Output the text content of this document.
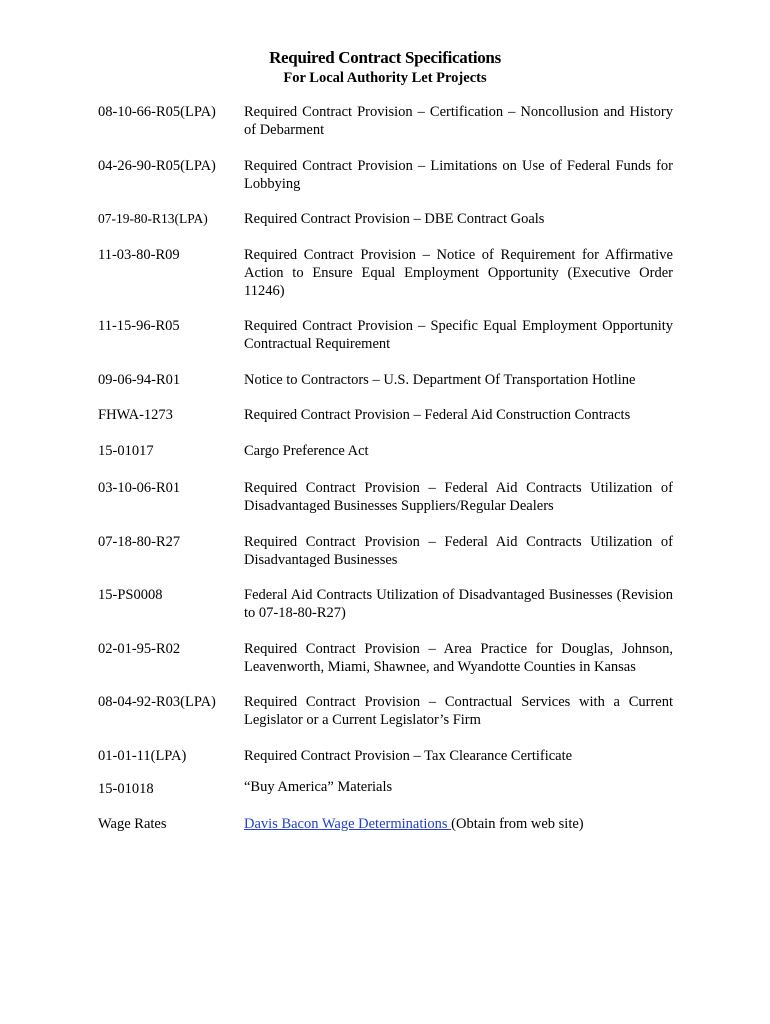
Required Contract Specifications
For Local Authority Let Projects
08-10-66-R05(LPA)	Required Contract Provision – Certification – Noncollusion and History of Debarment
04-26-90-R05(LPA)	Required Contract Provision – Limitations on Use of Federal Funds for Lobbying
07-19-80-R13(LPA)	Required Contract Provision – DBE Contract Goals
11-03-80-R09	Required Contract Provision – Notice of Requirement for Affirmative Action to Ensure Equal Employment Opportunity (Executive Order 11246)
11-15-96-R05	Required Contract Provision – Specific Equal Employment Opportunity Contractual Requirement
09-06-94-R01	Notice to Contractors – U.S. Department Of Transportation Hotline
FHWA-1273	Required Contract Provision – Federal Aid Construction Contracts
15-01017	Cargo Preference Act
03-10-06-R01	Required Contract Provision – Federal Aid Contracts Utilization of Disadvantaged Businesses Suppliers/Regular Dealers
07-18-80-R27	Required Contract Provision – Federal Aid Contracts Utilization of Disadvantaged Businesses
15-PS0008	Federal Aid Contracts Utilization of Disadvantaged Businesses (Revision to 07-18-80-R27)
02-01-95-R02	Required Contract Provision – Area Practice for Douglas, Johnson, Leavenworth, Miami, Shawnee, and Wyandotte Counties in Kansas
08-04-92-R03(LPA)	Required Contract Provision – Contractual Services with a Current Legislator or a Current Legislator’s Firm
01-01-11(LPA)	Required Contract Provision – Tax Clearance Certificate
15-01018	“Buy America” Materials
Wage Rates	Davis Bacon Wage Determinations (Obtain from web site)
